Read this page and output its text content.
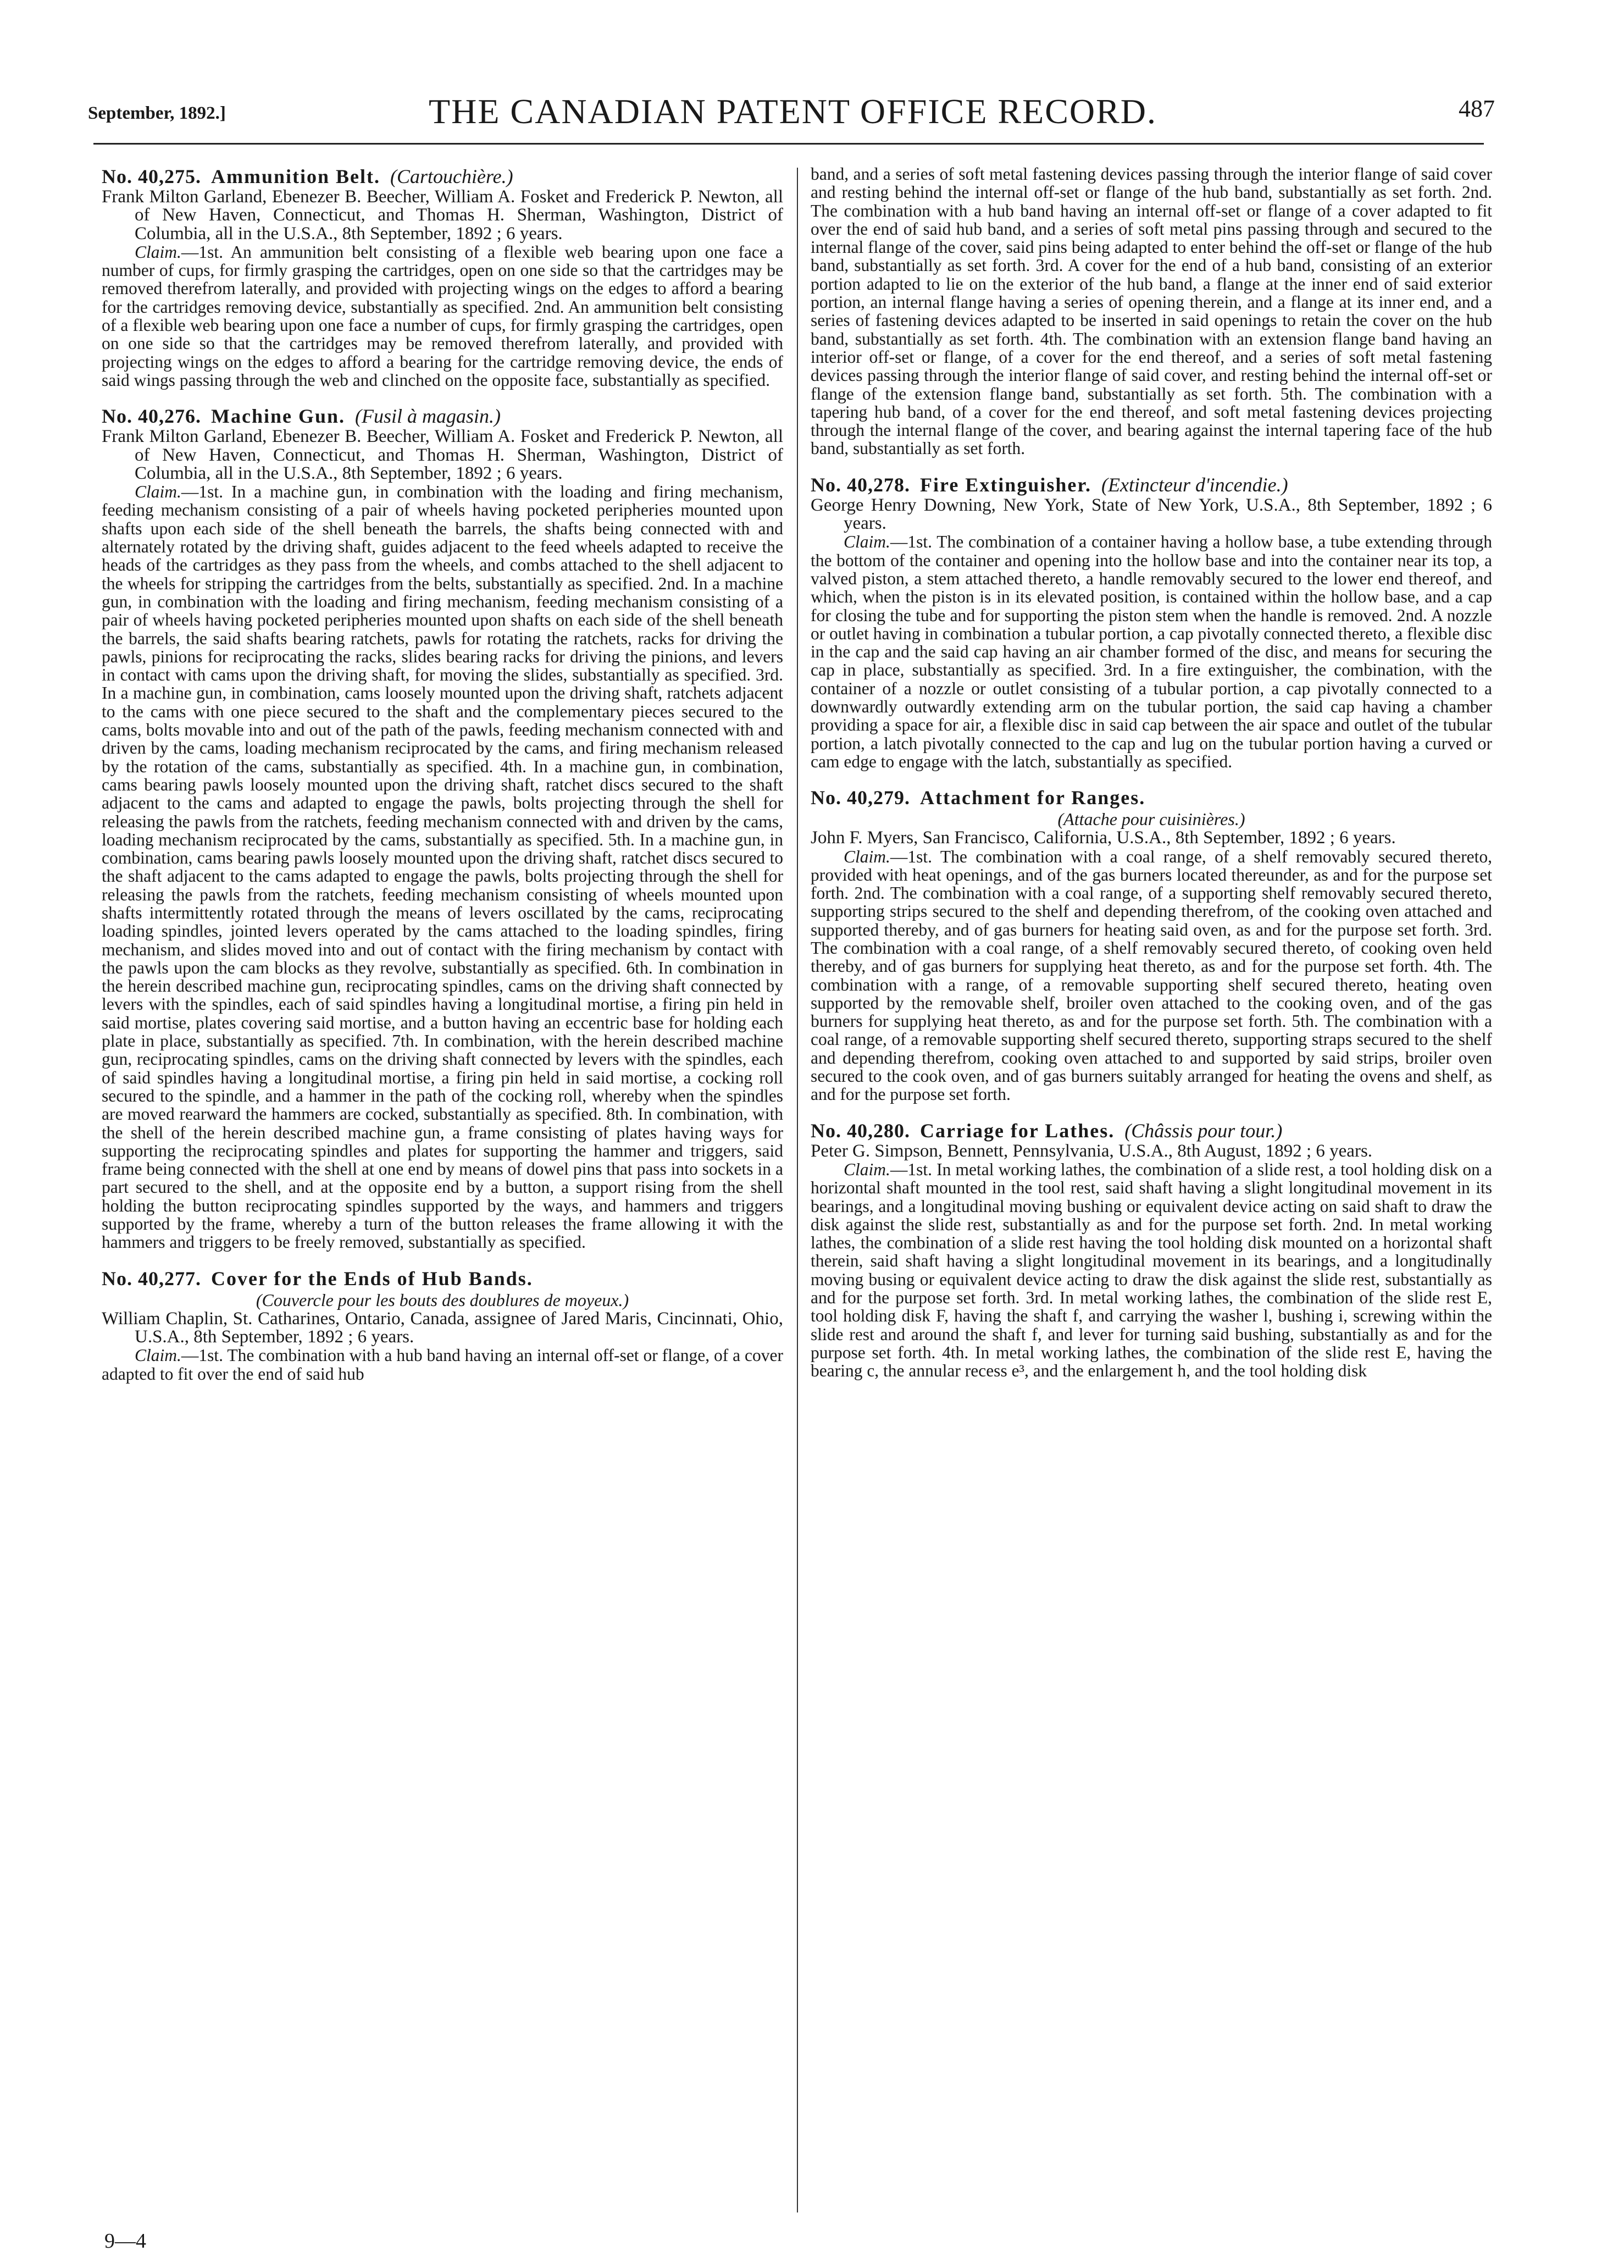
September, 1892.]	THE CANADIAN PATENT OFFICE RECORD.	487

No. 40,275. Ammunition Belt. (Cartouchière.)

Frank Milton Garland, Ebenezer B. Beecher, William A. Fosket and Frederick P. Newton, all of New Haven, Connecticut, and Thomas H. Sherman, Washington, District of Columbia, all in the U.S.A., 8th September, 1892 ; 6 years.

Claim.—1st. An ammunition belt consisting of a flexible web bearing upon one face a number of cups, for firmly grasping the cartridges, open on one side so that the cartridges may be removed therefrom laterally, and provided with projecting wings on the edges to afford a bearing for the cartridges removing device, substantially as specified. 2nd. An ammunition belt consisting of a flexible web bearing upon one face a number of cups, for firmly grasping the cartridges, open on one side so that the cartridges may be removed therefrom laterally, and provided with projecting wings on the edges to afford a bearing for the cartridge removing device, the ends of said wings passing through the web and clinched on the opposite face, substantially as specified.

No. 40,276. Machine Gun. (Fusil à magasin.)

Frank Milton Garland, Ebenezer B. Beecher, William A. Fosket and Frederick P. Newton, all of New Haven, Connecticut, and Thomas H. Sherman, Washington, District of Columbia, all in the U.S.A., 8th September, 1892 ; 6 years.

Claim.—1st. In a machine gun, in combination with the loading and firing mechanism, feeding mechanism consisting of a pair of wheels having pocketed peripheries mounted upon shafts upon each side of the shell beneath the barrels, the shafts being connected with and alternately rotated by the driving shaft, guides adjacent to the feed wheels adapted to receive the heads of the cartridges as they pass from the wheels, and combs attached to the shell adjacent to the wheels for stripping the cartridges from the belts, substantially as specified. 2nd. In a machine gun, in combination with the loading and firing mechanism, feeding mechanism consisting of a pair of wheels having pocketed peripheries mounted upon shafts on each side of the shell beneath the barrels, the said shafts bearing ratchets, pawls for rotating the ratchets, racks for driving the pawls, pinions for reciprocating the racks, slides bearing racks for driving the pinions, and levers in contact with cams upon the driving shaft, for moving the slides, substantially as specified. 3rd. In a machine gun, in combination, cams loosely mounted upon the driving shaft, ratchets adjacent to the cams with one piece secured to the shaft and the complementary pieces secured to the cams, bolts movable into and out of the path of the pawls, feeding mechanism connected with and driven by the cams, loading mechanism reciprocated by the cams, and firing mechanism released by the rotation of the cams, substantially as specified. 4th. In a machine gun, in combination, cams bearing pawls loosely mounted upon the driving shaft, ratchet discs secured to the shaft adjacent to the cams and adapted to engage the pawls, bolts projecting through the shell for releasing the pawls from the ratchets, feeding mechanism connected with and driven by the cams, loading mechanism reciprocated by the cams, substantially as specified. 5th. In a machine gun, in combination, cams bearing pawls loosely mounted upon the driving shaft, ratchet discs secured to the shaft adjacent to the cams adapted to engage the pawls, bolts projecting through the shell for releasing the pawls from the ratchets, feeding mechanism consisting of wheels mounted upon shafts intermittently rotated through the means of levers oscillated by the cams, reciprocating loading spindles, jointed levers operated by the cams attached to the loading spindles, firing mechanism, and slides moved into and out of contact with the firing mechanism by contact with the pawls upon the cam blocks as they revolve, substantially as specified. 6th. In combination in the herein described machine gun, reciprocating spindles, cams on the driving shaft connected by levers with the spindles, each of said spindles having a longitudinal mortise, a firing pin held in said mortise, plates covering said mortise, and a button having an eccentric base for holding each plate in place, substantially as specified. 7th. In combination, with the herein described machine gun, reciprocating spindles, cams on the driving shaft connected by levers with the spindles, each of said spindles having a longitudinal mortise, a firing pin held in said mortise, a cocking roll secured to the spindle, and a hammer in the path of the cocking roll, whereby when the spindles are moved rearward the hammers are cocked, substantially as specified. 8th. In combination, with the shell of the herein described machine gun, a frame consisting of plates having ways for supporting the reciprocating spindles and plates for supporting the hammer and triggers, said frame being connected with the shell at one end by means of dowel pins that pass into sockets in a part secured to the shell, and at the opposite end by a button, a support rising from the shell holding the button reciprocating spindles supported by the ways, and hammers and triggers supported by the frame, whereby a turn of the button releases the frame allowing it with the hammers and triggers to be freely removed, substantially as specified.

No. 40,277. Cover for the Ends of Hub Bands.
(Couvercle pour les bouts des doublures de moyeux.)

William Chaplin, St. Catharines, Ontario, Canada, assignee of Jared Maris, Cincinnati, Ohio, U.S.A., 8th September, 1892 ; 6 years.

Claim.—1st. The combination with a hub band having an internal off-set or flange, of a cover adapted to fit over the end of said hub

band, and a series of soft metal fastening devices passing through the interior flange of said cover and resting behind the internal off-set or flange of the hub band, substantially as set forth. 2nd. The combination with a hub band having an internal off-set or flange of a cover adapted to fit over the end of said hub band, and a series of soft metal pins passing through and secured to the internal flange of the cover, said pins being adapted to enter behind the off-set or flange of the hub band, substantially as set forth. 3rd. A cover for the end of a hub band, consisting of an exterior portion adapted to lie on the exterior of the hub band, a flange at the inner end of said exterior portion, an internal flange having a series of opening therein, and a flange at its inner end, and a series of fastening devices adapted to be inserted in said openings to retain the cover on the hub band, substantially as set forth. 4th. The combination with an extension flange band having an interior off-set or flange, of a cover for the end thereof, and a series of soft metal fastening devices passing through the interior flange of said cover, and resting behind the internal off-set or flange of the extension flange band, substantially as set forth. 5th. The combination with a tapering hub band, of a cover for the end thereof, and soft metal fastening devices projecting through the internal flange of the cover, and bearing against the internal tapering face of the hub band, substantially as set forth.

No. 40,278. Fire Extinguisher. (Extincteur d'incendie.)

George Henry Downing, New York, State of New York, U.S.A., 8th September, 1892 ; 6 years.

Claim.—1st. The combination of a container having a hollow base, a tube extending through the bottom of the container and opening into the hollow base and into the container near its top, a valved piston, a stem attached thereto, a handle removably secured to the lower end thereof, and which, when the piston is in its elevated position, is contained within the hollow base, and a cap for closing the tube and for supporting the piston stem when the handle is removed. 2nd. A nozzle or outlet having in combination a tubular portion, a cap pivotally connected thereto, a flexible disc in the cap and the said cap having an air chamber formed of the disc, and means for securing the cap in place, substantially as specified. 3rd. In a fire extinguisher, the combination, with the container of a nozzle or outlet consisting of a tubular portion, a cap pivotally connected to a downwardly outwardly extending arm on the tubular portion, the said cap having a chamber providing a space for air, a flexible disc in said cap between the air space and outlet of the tubular portion, a latch pivotally connected to the cap and lug on the tubular portion having a curved or cam edge to engage with the latch, substantially as specified.

No. 40,279. Attachment for Ranges.
(Attache pour cuisinières.)

John F. Myers, San Francisco, California, U.S.A., 8th September, 1892 ; 6 years.

Claim.—1st. The combination with a coal range, of a shelf removably secured thereto, provided with heat openings, and of the gas burners located thereunder, as and for the purpose set forth. 2nd. The combination with a coal range, of a supporting shelf removably secured thereto, supporting strips secured to the shelf and depending therefrom, of the cooking oven attached and supported thereby, and of gas burners for heating said oven, as and for the purpose set forth. 3rd. The combination with a coal range, of a shelf removably secured thereto, of cooking oven held thereby, and of gas burners for supplying heat thereto, as and for the purpose set forth. 4th. The combination with a range, of a removable supporting shelf secured thereto, heating oven supported by the removable shelf, broiler oven attached to the cooking oven, and of the gas burners for supplying heat thereto, as and for the purpose set forth. 5th. The combination with a coal range, of a removable supporting shelf secured thereto, supporting straps secured to the shelf and depending therefrom, cooking oven attached to and supported by said strips, broiler oven secured to the cook oven, and of gas burners suitably arranged for heating the ovens and shelf, as and for the purpose set forth.

No. 40,280. Carriage for Lathes. (Châssis pour tour.)

Peter G. Simpson, Bennett, Pennsylvania, U.S.A., 8th August, 1892 ; 6 years.

Claim.—1st. In metal working lathes, the combination of a slide rest, a tool holding disk on a horizontal shaft mounted in the tool rest, said shaft having a slight longitudinal movement in its bearings, and a longitudinal moving bushing or equivalent device acting on said shaft to draw the disk against the slide rest, substantially as and for the purpose set forth. 2nd. In metal working lathes, the combination of a slide rest having the tool holding disk mounted on a horizontal shaft therein, said shaft having a slight longitudinal movement in its bearings, and a longitudinally moving busing or equivalent device acting to draw the disk against the slide rest, substantially as and for the purpose set forth. 3rd. In metal working lathes, the combination of the slide rest E, tool holding disk F, having the shaft f, and carrying the washer l, bushing i, screwing within the slide rest and around the shaft f, and lever for turning said bushing, substantially as and for the purpose set forth. 4th. In metal working lathes, the combination of the slide rest E, having the bearing c, the annular recess e³, and the enlargement h, and the tool holding disk

9—4
